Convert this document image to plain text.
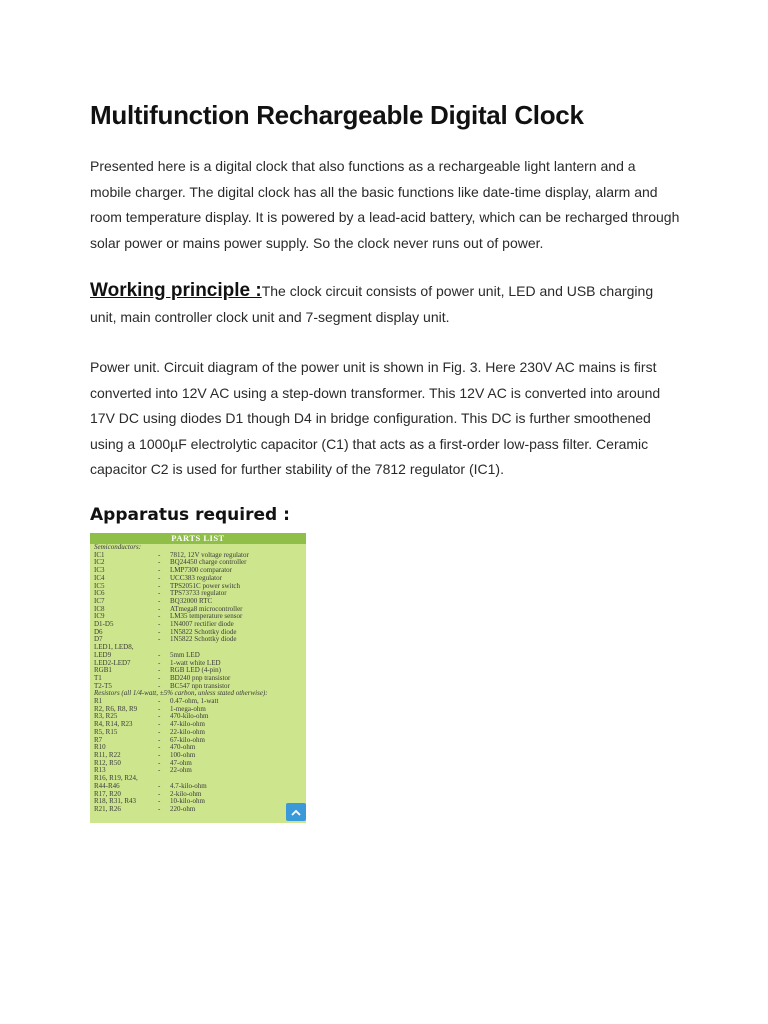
Multifunction Rechargeable Digital Clock

Presented here is a digital clock that also functions as a rechargeable light lantern and a mobile charger. The digital clock has all the basic functions like date-time display, alarm and room temperature display. It is powered by a lead-acid battery, which can be recharged through solar power or mains power supply. So the clock never runs out of power.

Working principle :The clock circuit consists of power unit, LED and USB charging unit, main controller clock unit and 7-segment display unit.

Power unit. Circuit diagram of the power unit is shown in Fig. 3. Here 230V AC mains is first converted into 12V AC using a step-down transformer. This 12V AC is converted into around 17V DC using diodes D1 though D4 in bridge configuration. This DC is further smoothened using a 1000µF electrolytic capacitor (C1) that acts as a first-order low-pass filter. Ceramic capacitor C2 is used for further stability of the 7812 regulator (IC1).

Apparatus required :
PARTS LIST
Semiconductors:
IC1	-	7812, 12V voltage regulator
IC2	-	BQ24450 charge controller
IC3	-	LMP7300 comparator
IC4	-	UCC383 regulator
IC5	-	TPS2051C power switch
IC6	-	TPS73733 regulator
IC7	-	BQ32000 RTC
IC8	-	ATmega8 microcontroller
IC9	-	LM35 temperature sensor
D1-D5	-	1N4007 rectifier diode
D6	-	1N5822 Schottky diode
D7	-	1N5822 Schottky diode
LED1, LED8,
LED9	-	5mm LED
LED2-LED7	-	1-watt white LED
RGB1	-	RGB LED (4-pin)
T1	-	BD240 pnp transistor
T2-T5	-	BC547 npn transistor
Resistors (all 1/4-watt, ±5% carbon, unless stated otherwise):
R1	-	0.47-ohm, 1-watt
R2, R6, R8, R9	-	1-mega-ohm
R3, R25	-	470-kilo-ohm
R4, R14, R23	-	47-kilo-ohm
R5, R15	-	22-kilo-ohm
R7	-	67-kilo-ohm
R10	-	470-ohm
R11, R22	-	100-ohm
R12, R50	-	47-ohm
R13	-	22-ohm
R16, R19, R24,
R44-R46	-	4.7-kilo-ohm
R17, R20	-	2-kilo-ohm
R18, R31, R43	-	10-kilo-ohm
R21, R26	-	220-ohm
